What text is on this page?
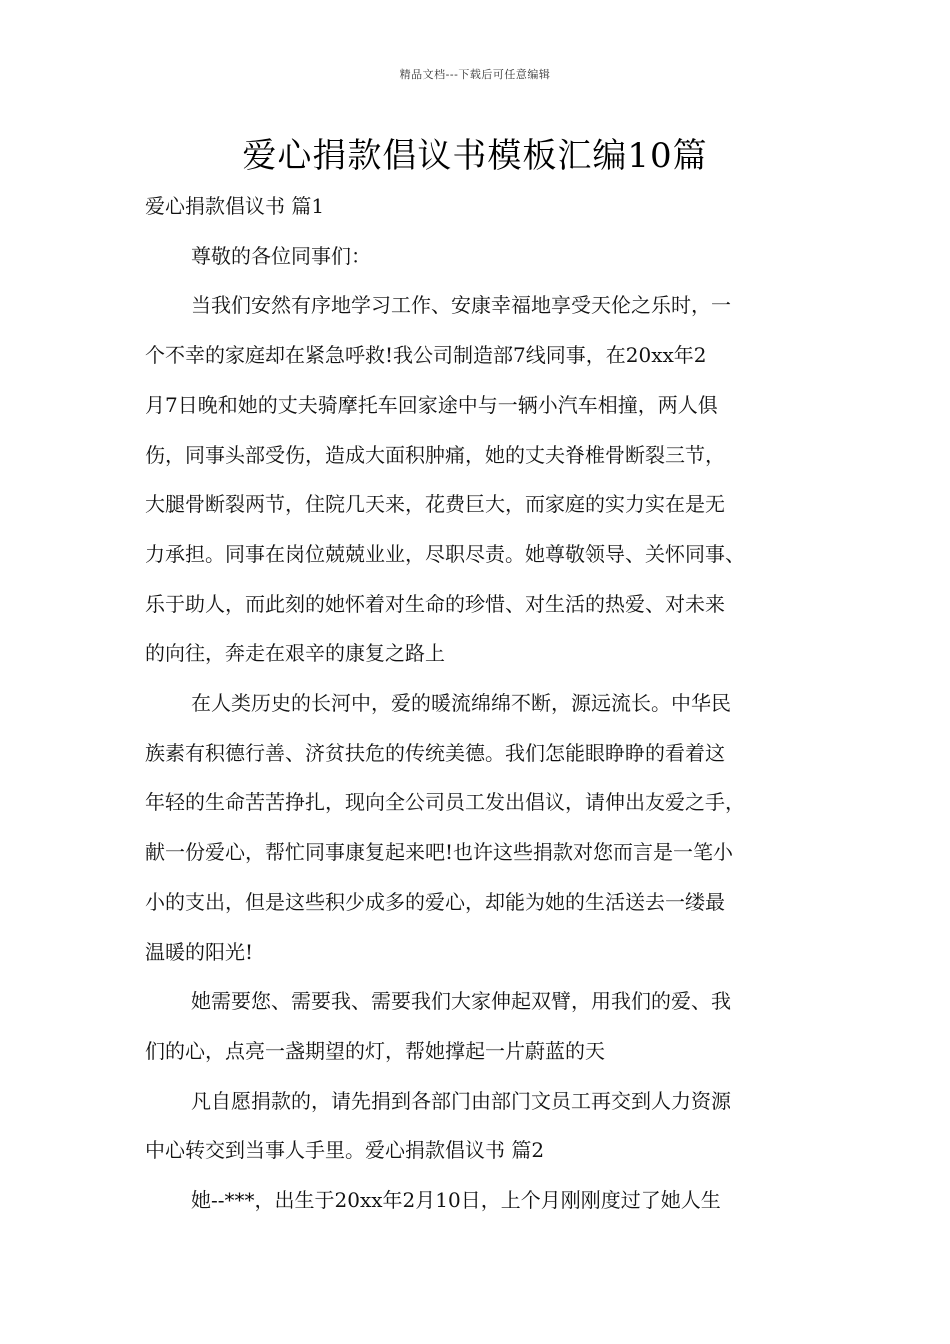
精品文档---下载后可任意编辑
爱心捐款倡议书模板汇编10篇
爱心捐款倡议书 篇1
尊敬的各位同事们：
当我们安然有序地学习工作、安康幸福地享受天伦之乐时，一
个不幸的家庭却在紧急呼救!我公司制造部7线同事，在20xx年2
月7日晚和她的丈夫骑摩托车回家途中与一辆小汽车相撞，两人俱
伤，同事头部受伤，造成大面积肿痛，她的丈夫脊椎骨断裂三节，
大腿骨断裂两节，住院几天来，花费巨大，而家庭的实力实在是无
力承担。同事在岗位兢兢业业，尽职尽责。她尊敬领导、关怀同事、
乐于助人，而此刻的她怀着对生命的珍惜、对生活的热爱、对未来
的向往，奔走在艰辛的康复之路上
在人类历史的长河中，爱的暖流绵绵不断，源远流长。中华民
族素有积德行善、济贫扶危的传统美德。我们怎能眼睁睁的看着这
年轻的生命苦苦挣扎，现向全公司员工发出倡议，请伸出友爱之手，
献一份爱心，帮忙同事康复起来吧!也许这些捐款对您而言是一笔小
小的支出，但是这些积少成多的爱心，却能为她的生活送去一缕最
温暖的阳光!
她需要您、需要我、需要我们大家伸起双臂，用我们的爱、我
们的心，点亮一盏期望的灯，帮她撑起一片蔚蓝的天
凡自愿捐款的，请先捐到各部门由部门文员工再交到人力资源
中心转交到当事人手里。爱心捐款倡议书 篇2
她--***，出生于20xx年2月10日，上个月刚刚度过了她人生
